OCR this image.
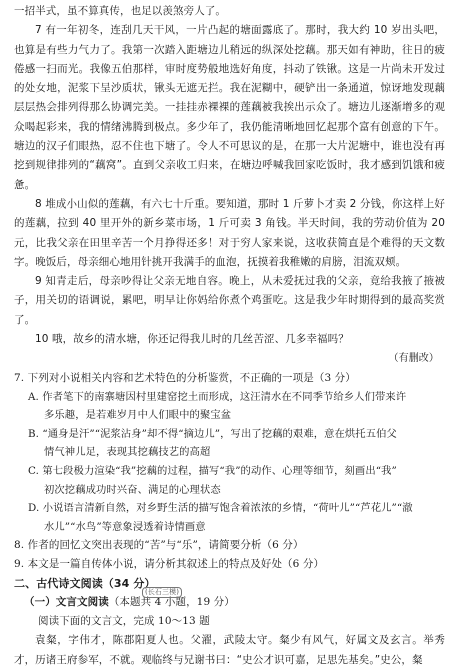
一招半式，虽不算真传，也足以羡煞旁人了。

7 有一年初冬，连刮几天干风，一片凸起的塘面露底了。那时，我大约 10 岁出头吧，也算是有些力气力了。我第一次踏入距塘边儿稍远的纵深处挖藕。那天如有神助，往日的疲倦感一扫而光。我像五伯那样，审时度势般地选好角度，抖动了铁锹。这是一片尚未开发过的处女地，泥浆下呈沙质状，锹头无遮无拦。我在泥糊中，硬铲出一条通道，惊讶地发现藕层层热会排列得那么协调完美。一挂挂赤裸裸的莲藕被我挨出示众了。塘边儿逐渐增多的观众喝起彩来，我的情绪沸腾到极点。多少年了，我仍能清晰地回忆起那个富有创意的下午。塘边的汉子们眼热，忍不住也下塘了。令人不可思议的是，在那一大片泥塘中，谁也没有再挖到规律排列的“藕窝”。直到父亲收工归来，在塘边呼喊我回家吃饭时，我才感到饥饿和疲惫。

8 堆成小山似的莲藕，有六七十斤重。要知道，那时 1 斤萝卜才卖 2 分钱，你这样上好的莲藕，拉到 40 里开外的新乡菜市场，1 斤可卖 3 角钱。半天时间，我的劳动价值为 20 元，比我父亲在田里辛苦一个月挣得还多！对于穷人家来说，这收获简直是个难得的天文数字。晚饭后，母亲细心地用针挑开我满手的血泡，抚摸着我稚嫩的肩膀，泪流双颊。

9 知青走后，母亲吵得让父亲无地自容。晚上，从未爱抚过我的父亲，竟给我掖了掖被子，用关切的语调说，累吧，明早让你妈给你煮个鸡蛋吃。这是我少年时期得到的最高奖赏了。

10 哦，故乡的清水塘，你还记得我儿时的几丝苦涩、几多幸福吗？

（有删改）

7. 下列对小说相关内容和艺术特色的分析鉴赏，不正确的一项是（3 分）

A. 作者笔下的南寨塘因村里建窑挖土而形成，这汪清水在不同季节给乡人们带来许

多乐趣，是若难岁月中人们眼中的聚宝盆

B. “通身是汗”“泥浆沾身”却不得“摘边儿”，写出了挖藕的艰难，意在烘托五伯父

情气神儿足，表现其挖藕技艺的高超

C. 第七段极力渲染“我”挖藕的过程，描写“我”的动作、心理等细节，刻画出“我”

初次挖藕成功时兴奋、满足的心理状态

D. 小说语言清新自然，对乡野生活的描写饱含着浓浓的乡情，“荷叶儿”“芦花儿”“澈

水儿”“水鸟”等意象浸透着诗情画意

8. 作者的回忆文突出表现的“苦”与“乐”，请简要分析（6 分）

9. 本文是一篇自传体小说，请分析其叙述上的特点及好处（6 分）

二、古代诗文阅读（34 分）

（一）文言文阅读（本题共 4 小题，19 分）
(长石三模)

阅读下面的文言文，完成 10～13 题

袁粲，字伟才，陈郡阳夏人也。父濯，武陵太守。粲少有风气，好属文及玄言。举秀才，历诸王府参军，不就。观临终与兄谢书曰：“史公才识可嘉，足思先基矣。”史公，粲
